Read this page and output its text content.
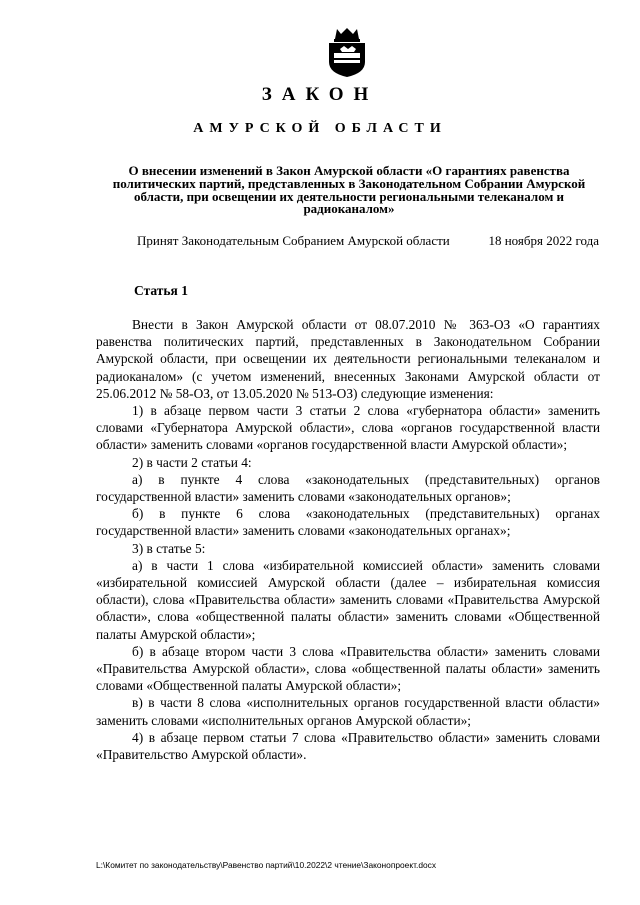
ЗАКОН
АМУРСКОЙ ОБЛАСТИ
О внесении изменений в Закон Амурской области «О гарантиях равенства политических партий, представленных в Законодательном Собрании Амурской области, при освещении их деятельности региональными телеканалом и радиоканалом»
Принят Законодательным Собранием Амурской области	18 ноября 2022 года
Статья 1

Внести в Закон Амурской области от 08.07.2010 № 363-ОЗ «О гарантиях равенства политических партий, представленных в Законодательном Собрании Амурской области, при освещении их деятельности региональными телеканалом и радиоканалом» (с учетом изменений, внесенных Законами Амурской области от 25.06.2012 № 58-ОЗ, от 13.05.2020 № 513-ОЗ) следующие изменения:

1) в абзаце первом части 3 статьи 2 слова «губернатора области» заменить словами «Губернатора Амурской области», слова «органов государственной власти области» заменить словами «органов государственной власти Амурской области»;

2) в части 2 статьи 4:

а) в пункте 4 слова «законодательных (представительных) органов государственной власти» заменить словами «законодательных органов»;

б) в пункте 6 слова «законодательных (представительных) органах государственной власти» заменить словами «законодательных органах»;

3) в статье 5:

а) в части 1 слова «избирательной комиссией области» заменить словами «избирательной комиссией Амурской области (далее – избирательная комиссия области), слова «Правительства области» заменить словами «Правительства Амурской области», слова «общественной палаты области» заменить словами «Общественной палаты Амурской области»;

б) в абзаце втором части 3 слова «Правительства области» заменить словами «Правительства Амурской области», слова «общественной палаты области» заменить словами «Общественной палаты Амурской области»;

в) в части 8 слова «исполнительных органов государственной власти области» заменить словами «исполнительных органов Амурской области»;

4) в абзаце первом статьи 7 слова «Правительство области» заменить словами «Правительство Амурской области».

L:\Комитет по законодательству\Равенство партий\10.2022\2 чтение\Законопроект.docx
